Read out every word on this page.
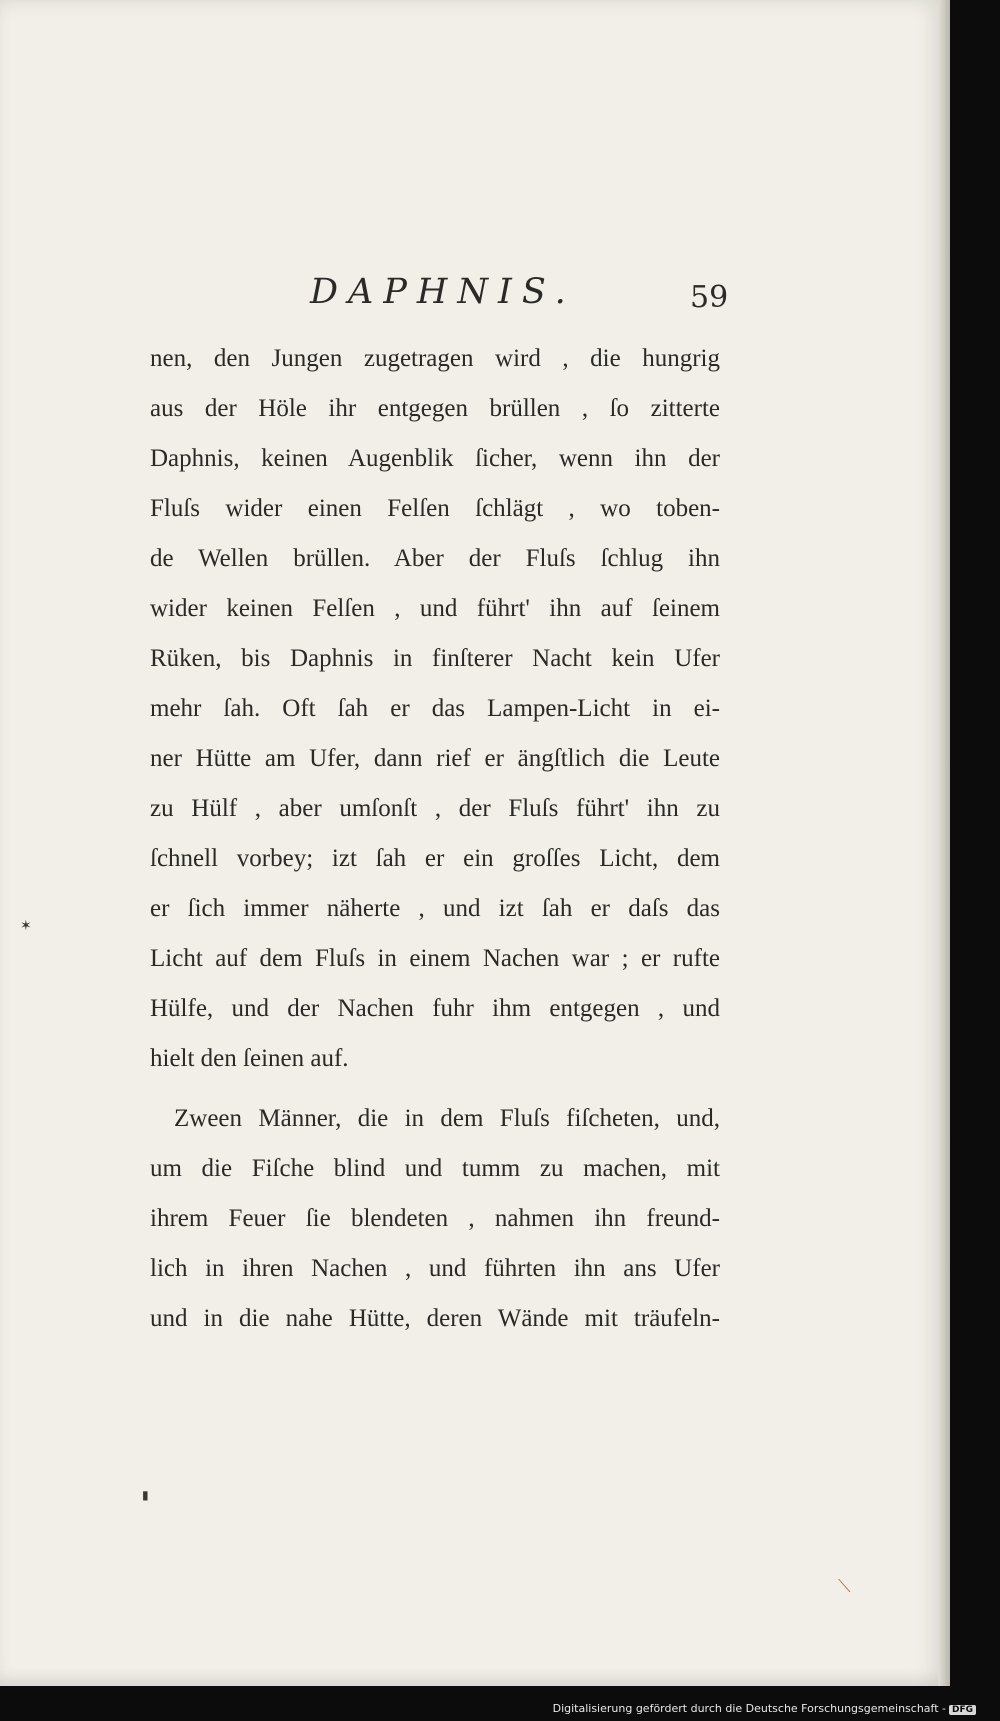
DAPHNIS.	59
nen, den Jungen zugetragen wird , die hungrig
aus der Höle ihr entgegen brüllen , ſo zitterte
Daphnis, keinen Augenblik ſicher, wenn ihn der
Fluſs wider einen Felſen ſchlägt , wo toben-
de Wellen brüllen. Aber der Fluſs ſchlug ihn
wider keinen Felſen , und führt' ihn auf ſeinem
Rüken, bis Daphnis in finſterer Nacht kein Ufer
mehr ſah. Oft ſah er das Lampen-Licht in ei-
ner Hütte am Ufer, dann rief er ängſtlich die Leute
zu Hülf , aber umſonſt , der Fluſs führt' ihn zu
ſchnell vorbey; izt ſah er ein groſſes Licht, dem
er ſich immer näherte , und izt ſah er daſs das
Licht auf dem Fluſs in einem Nachen war ; er rufte
Hülfe, und der Nachen fuhr ihm entgegen , und
hielt den ſeinen auf.
Zween Männer, die in dem Fluſs fiſcheten, und,
um die Fiſche blind und tumm zu machen, mit
ihrem Feuer ſie blendeten , nahmen ihn freund-
lich in ihren Nachen , und führten ihn ans Ufer
und in die nahe Hütte, deren Wände mit träufeln-
✶
▮
⟍
Digitalisierung gefördert durch die Deutsche Forschungsgemeinschaft - DFG
